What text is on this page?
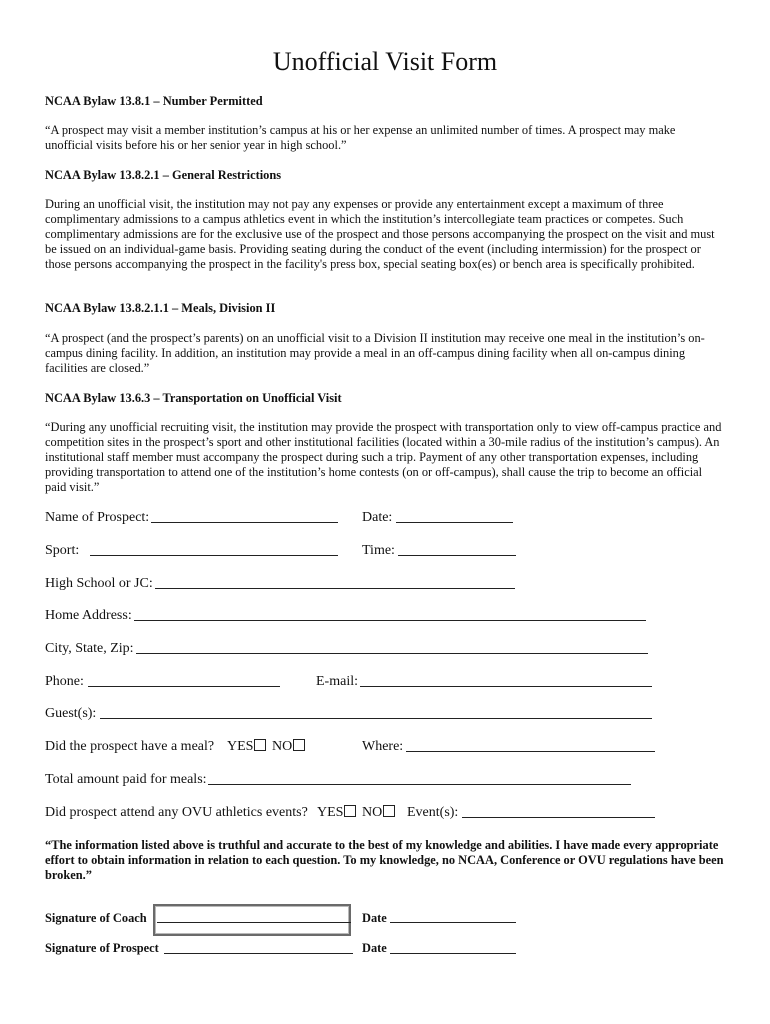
Unofficial Visit Form
NCAA Bylaw 13.8.1 – Number Permitted
“A prospect may visit a member institution’s campus at his or her expense an unlimited number of times. A prospect may make unofficial visits before his or her senior year in high school.”
NCAA Bylaw 13.8.2.1 – General Restrictions
During an unofficial visit, the institution may not pay any expenses or provide any entertainment except a maximum of three complimentary admissions to a campus athletics event in which the institution’s intercollegiate team practices or competes. Such complimentary admissions are for the exclusive use of the prospect and those persons accompanying the prospect on the visit and must be issued on an individual-game basis. Providing seating during the conduct of the event (including intermission) for the prospect or those persons accompanying the prospect in the facility's press box, special seating box(es) or bench area is specifically prohibited.
NCAA Bylaw 13.8.2.1.1 – Meals, Division II
“A prospect (and the prospect’s parents) on an unofficial visit to a Division II institution may receive one meal in the institution’s on-campus dining facility. In addition, an institution may provide a meal in an off-campus dining facility when all on-campus dining facilities are closed.”
NCAA Bylaw 13.6.3 – Transportation on Unofficial Visit
“During any unofficial recruiting visit, the institution may provide the prospect with transportation only to view off-campus practice and competition sites in the prospect’s sport and other institutional facilities (located within a 30-mile radius of the institution’s campus). An institutional staff member must accompany the prospect during such a trip. Payment of any other transportation expenses, including providing transportation to attend one of the institution’s home contests (on or off-campus), shall cause the trip to become an official paid visit.”
Name of Prospect:	Date:
Sport:	Time:
High School or JC:
Home Address:
City, State, Zip:
Phone:	E-mail:
Guest(s):
Did the prospect have a meal? YES	NO	Where:
Total amount paid for meals:
Did prospect attend any OVU athletics events? YES	NO	Event(s):
“The information listed above is truthful and accurate to the best of my knowledge and abilities. I have made every appropriate effort to obtain information in relation to each question. To my knowledge, no NCAA, Conference or OVU regulations have been broken.”
Signature of Coach	Date
Signature of Prospect	Date
